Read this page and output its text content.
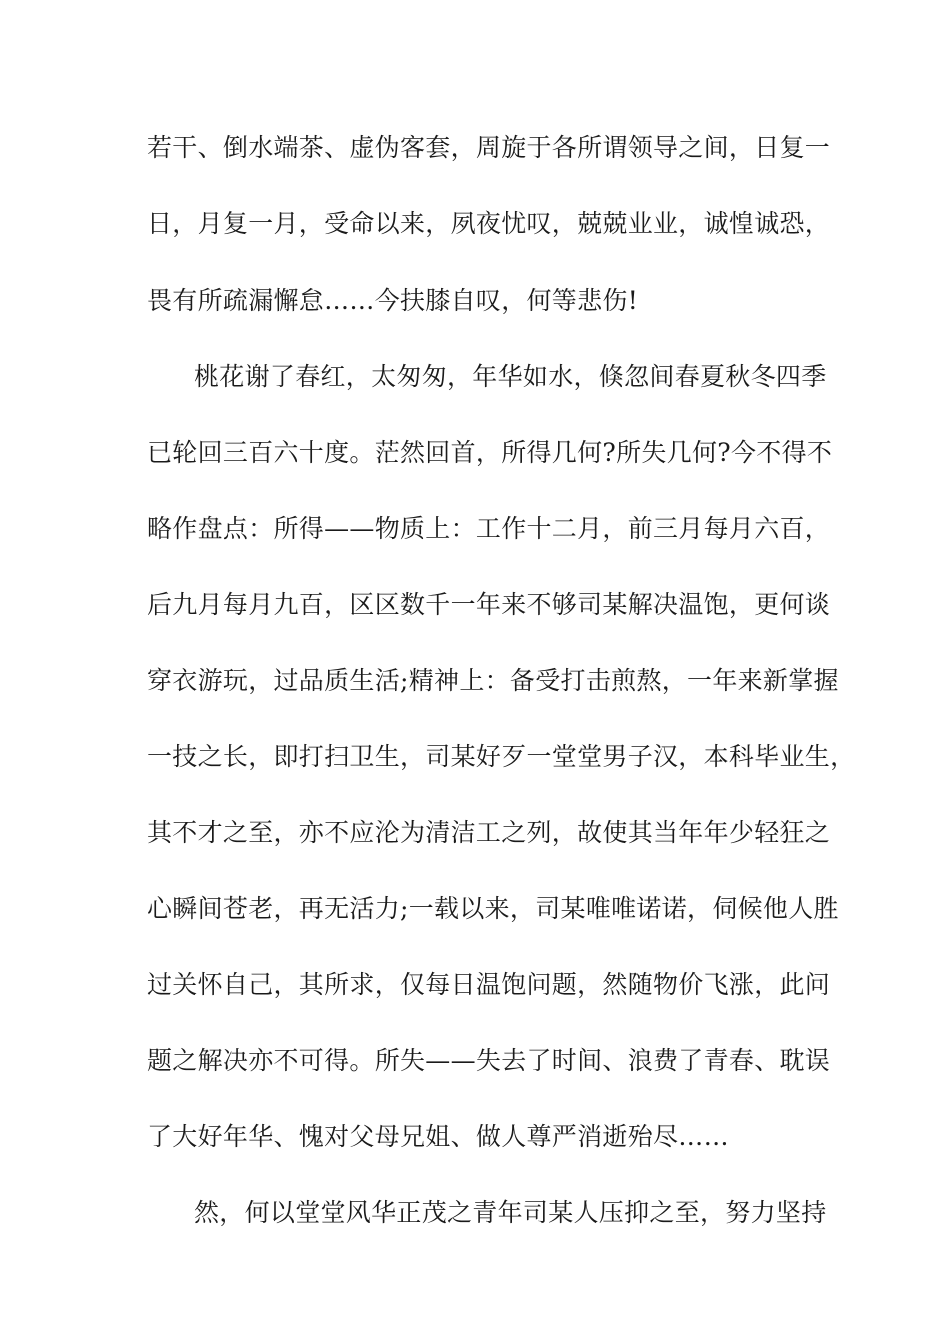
若干、倒水端茶、虚伪客套，周旋于各所谓领导之间，日复一
日，月复一月，受命以来，夙夜忧叹，兢兢业业，诚惶诚恐，
畏有所疏漏懈怠……今扶膝自叹，何等悲伤!
桃花谢了春红，太匆匆，年华如水，倏忽间春夏秋冬四季
已轮回三百六十度。茫然回首，所得几何?所失几何?今不得不
略作盘点：所得——物质上：工作十二月，前三月每月六百，
后九月每月九百，区区数千一年来不够司某解决温饱，更何谈
穿衣游玩，过品质生活;精神上：备受打击煎熬，一年来新掌握
一技之长，即打扫卫生，司某好歹一堂堂男子汉，本科毕业生，
其不才之至，亦不应沦为清洁工之列，故使其当年年少轻狂之
心瞬间苍老，再无活力;一载以来，司某唯唯诺诺，伺候他人胜
过关怀自己，其所求，仅每日温饱问题，然随物价飞涨，此问
题之解决亦不可得。所失——失去了时间、浪费了青春、耽误
了大好年华、愧对父母兄姐、做人尊严消逝殆尽……
然，何以堂堂风华正茂之青年司某人压抑之至，努力坚持
